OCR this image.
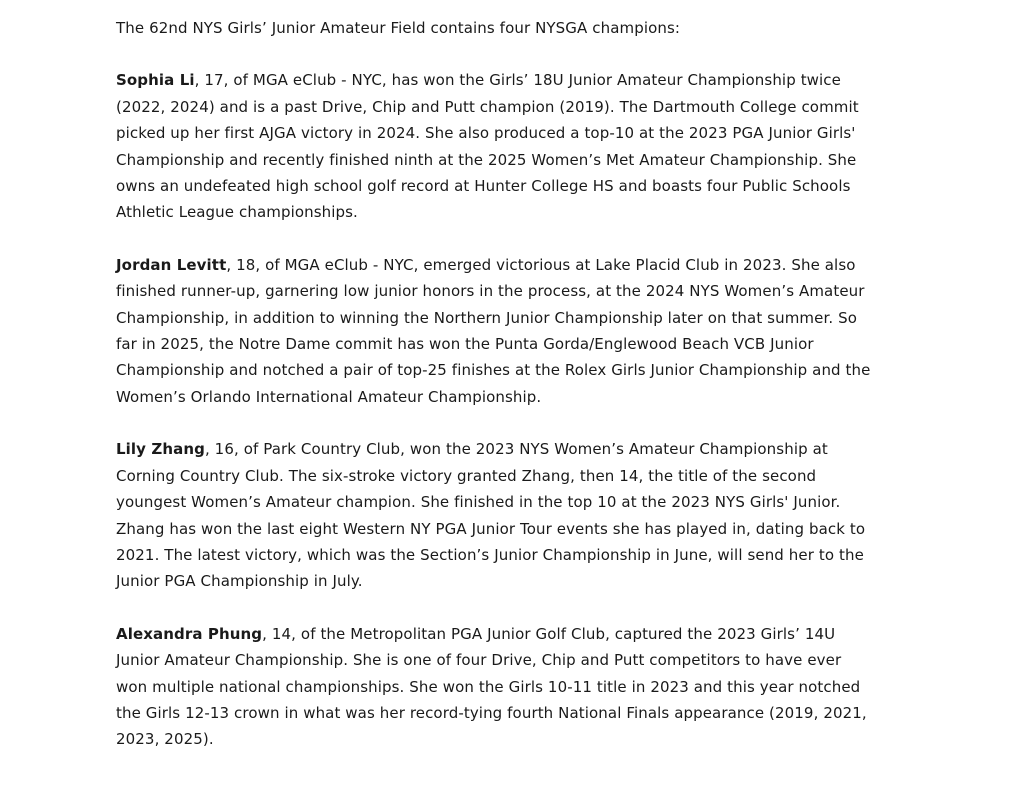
The 62nd NYS Girls’ Junior Amateur Field contains four NYSGA champions:

Sophia Li, 17, of MGA eClub - NYC, has won the Girls’ 18U Junior Amateur Championship twice
(2022, 2024) and is a past Drive, Chip and Putt champion (2019). The Dartmouth College commit
picked up her first AJGA victory in 2024. She also produced a top-10 at the 2023 PGA Junior Girls'
Championship and recently finished ninth at the 2025 Women’s Met Amateur Championship. She
owns an undefeated high school golf record at Hunter College HS and boasts four Public Schools
Athletic League championships.

Jordan Levitt, 18, of MGA eClub - NYC, emerged victorious at Lake Placid Club in 2023. She also
finished runner-up, garnering low junior honors in the process, at the 2024 NYS Women’s Amateur
Championship, in addition to winning the Northern Junior Championship later on that summer. So
far in 2025, the Notre Dame commit has won the Punta Gorda/Englewood Beach VCB Junior
Championship and notched a pair of top-25 finishes at the Rolex Girls Junior Championship and the
Women’s Orlando International Amateur Championship.

Lily Zhang, 16, of Park Country Club, won the 2023 NYS Women’s Amateur Championship at
Corning Country Club. The six-stroke victory granted Zhang, then 14, the title of the second
youngest Women’s Amateur champion. She finished in the top 10 at the 2023 NYS Girls' Junior.
Zhang has won the last eight Western NY PGA Junior Tour events she has played in, dating back to
2021. The latest victory, which was the Section’s Junior Championship in June, will send her to the
Junior PGA Championship in July.

Alexandra Phung, 14, of the Metropolitan PGA Junior Golf Club, captured the 2023 Girls’ 14U
Junior Amateur Championship. She is one of four Drive, Chip and Putt competitors to have ever
won multiple national championships. She won the Girls 10-11 title in 2023 and this year notched
the Girls 12-13 crown in what was her record-tying fourth National Finals appearance (2019, 2021,
2023, 2025).
